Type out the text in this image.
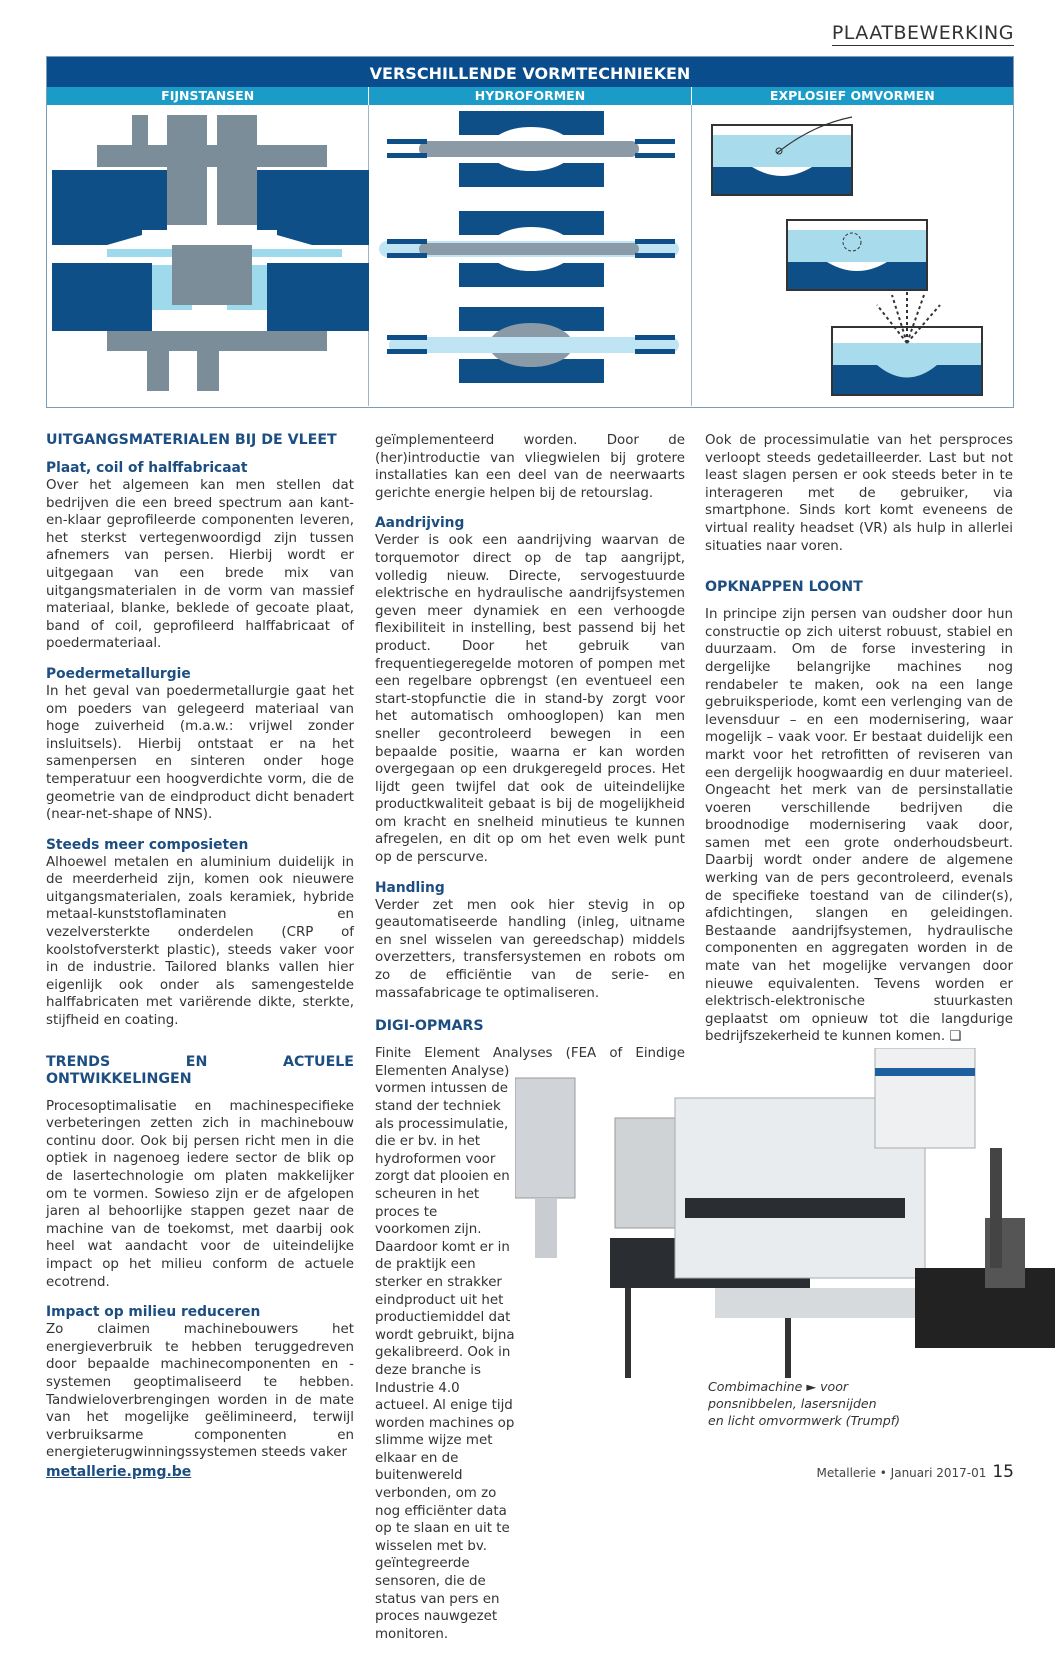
PLAATBEWERKING
VERSCHILLENDE VORMTECHNIEKEN
FIJNSTANSEN	HYDROFORMEN	EXPLOSIEF OMVORMEN
UITGANGSMATERIALEN BIJ DE VLEET
Plaat, coil of halffabricaat

Over het algemeen kan men stellen dat bedrijven die een breed spectrum aan kant-en-klaar geprofileerde componenten leveren, het sterkst vertegenwoordigd zijn tussen afnemers van persen. Hierbij wordt er uitgegaan van een brede mix van uitgangsmaterialen in de vorm van massief materiaal, blanke, beklede of gecoate plaat, band of coil, geprofileerd halffabricaat of poedermateriaal.

Poedermetallurgie

In het geval van poedermetallurgie gaat het om poeders van gelegeerd materiaal van hoge zuiverheid (m.a.w.: vrijwel zonder insluitsels). Hierbij ontstaat er na het samenpersen en sinteren onder hoge temperatuur een hoogverdichte vorm, die de geometrie van de eindproduct dicht benadert (near-net-shape of NNS).

Steeds meer composieten

Alhoewel metalen en aluminium duidelijk in de meerderheid zijn, komen ook nieuwere uitgangsmaterialen, zoals keramiek, hybride metaal-kunststoflaminaten en vezelversterkte onderdelen (CRP of koolstofversterkt plastic), steeds vaker voor in de industrie. Tailored blanks vallen hier eigenlijk ook onder als samengestelde halffabricaten met variërende dikte, sterkte, stijfheid en coating.

TRENDS EN ACTUELE ONTWIKKELINGEN

Procesoptimalisatie en machinespecifieke verbeteringen zetten zich in machinebouw continu door. Ook bij persen richt men in die optiek in nagenoeg iedere sector de blik op de lasertechnologie om platen makkelijker om te vormen. Sowieso zijn er de afgelopen jaren al behoorlijke stappen gezet naar de machine van de toekomst, met daarbij ook heel wat aandacht voor de uiteindelijke impact op het milieu conform de actuele ecotrend.

Impact op milieu reduceren

Zo claimen machinebouwers het energieverbruik te hebben teruggedreven door bepaalde machinecomponenten en -systemen geoptimaliseerd te hebben. Tandwieloverbrengingen worden in de mate van het mogelijke geëlimineerd, terwijl verbruiksarme componenten en energieterugwinningssystemen steeds vaker

geïmplementeerd worden. Door de (her)introductie van vliegwielen bij grotere installaties kan een deel van de neerwaarts gerichte energie helpen bij de retourslag.

Aandrijving

Verder is ook een aandrijving waarvan de torquemotor direct op de tap aangrijpt, volledig nieuw. Directe, servogestuurde elektrische en hydraulische aandrijfsystemen geven meer dynamiek en een verhoogde flexibiliteit in instelling, best passend bij het product. Door het gebruik van frequentiegeregelde motoren of pompen met een regelbare opbrengst (en eventueel een start-stopfunctie die in stand-by zorgt voor het automatisch omhooglopen) kan men sneller gecontroleerd bewegen in een bepaalde positie, waarna er kan worden overgegaan op een drukgeregeld proces. Het lijdt geen twijfel dat ook de uiteindelijke productkwaliteit gebaat is bij de mogelijkheid om kracht en snelheid minutieus te kunnen afregelen, en dit op om het even welk punt op de perscurve.

Handling

Verder zet men ook hier stevig in op geautomatiseerde handling (inleg, uitname en snel wisselen van gereedschap) middels overzetters, transfersystemen en robots om zo de efficiëntie van de serie- en massafabricage te optimaliseren.

DIGI-OPMARS

Finite Element Analyses (FEA of Eindige Elementen Analyse)

vormen intussen de stand der techniek als processimulatie, die er bv. in het hydroformen voor zorgt dat plooien en scheuren in het proces te voorkomen zijn. Daardoor komt er in de praktijk een sterker en strakker eindproduct uit het productiemiddel dat wordt gebruikt, bijna gekalibreerd. Ook in deze branche is Industrie 4.0 actueel. Al enige tijd worden machines op slimme wijze met elkaar en de buitenwereld verbonden, om zo nog efficiënter data op te slaan en uit te wisselen met bv. geïntegreerde sensoren, die de status van pers en proces nauwgezet monitoren.

Ook de processimulatie van het persproces verloopt steeds gedetailleerder. Last but not least slagen persen er ook steeds beter in te interageren met de gebruiker, via smartphone. Sinds kort komt eveneens de virtual reality headset (VR) als hulp in allerlei situaties naar voren.

OPKNAPPEN LOONT

In principe zijn persen van oudsher door hun constructie op zich uiterst robuust, stabiel en duurzaam. Om de forse investering in dergelijke belangrijke machines nog rendabeler te maken, ook na een lange gebruiksperiode, komt een verlenging van de levensduur – en een modernisering, waar mogelijk – vaak voor. Er bestaat duidelijk een markt voor het retrofitten of reviseren van een dergelijk hoogwaardig en duur materieel. Ongeacht het merk van de persinstallatie voeren verschillende bedrijven die broodnodige modernisering vaak door, samen met een grote onderhoudsbeurt. Daarbij wordt onder andere de algemene werking van de pers gecontroleerd, evenals de specifieke toestand van de cilinder(s), afdichtingen, slangen en geleidingen. Bestaande aandrijfsystemen, hydraulische componenten en aggregaten worden in de mate van het mogelijke vervangen door nieuwe equivalenten. Tevens worden er elektrisch-elektronische stuurkasten geplaatst om opnieuw tot die langdurige bedrijfszekerheid te kunnen komen. ❑

Combimachine ► voor
ponsnibbelen, lasersnijden
en licht omvormwerk (Trumpf)
metallerie.pmg.be	Metallerie • Januari 2017-01 15
